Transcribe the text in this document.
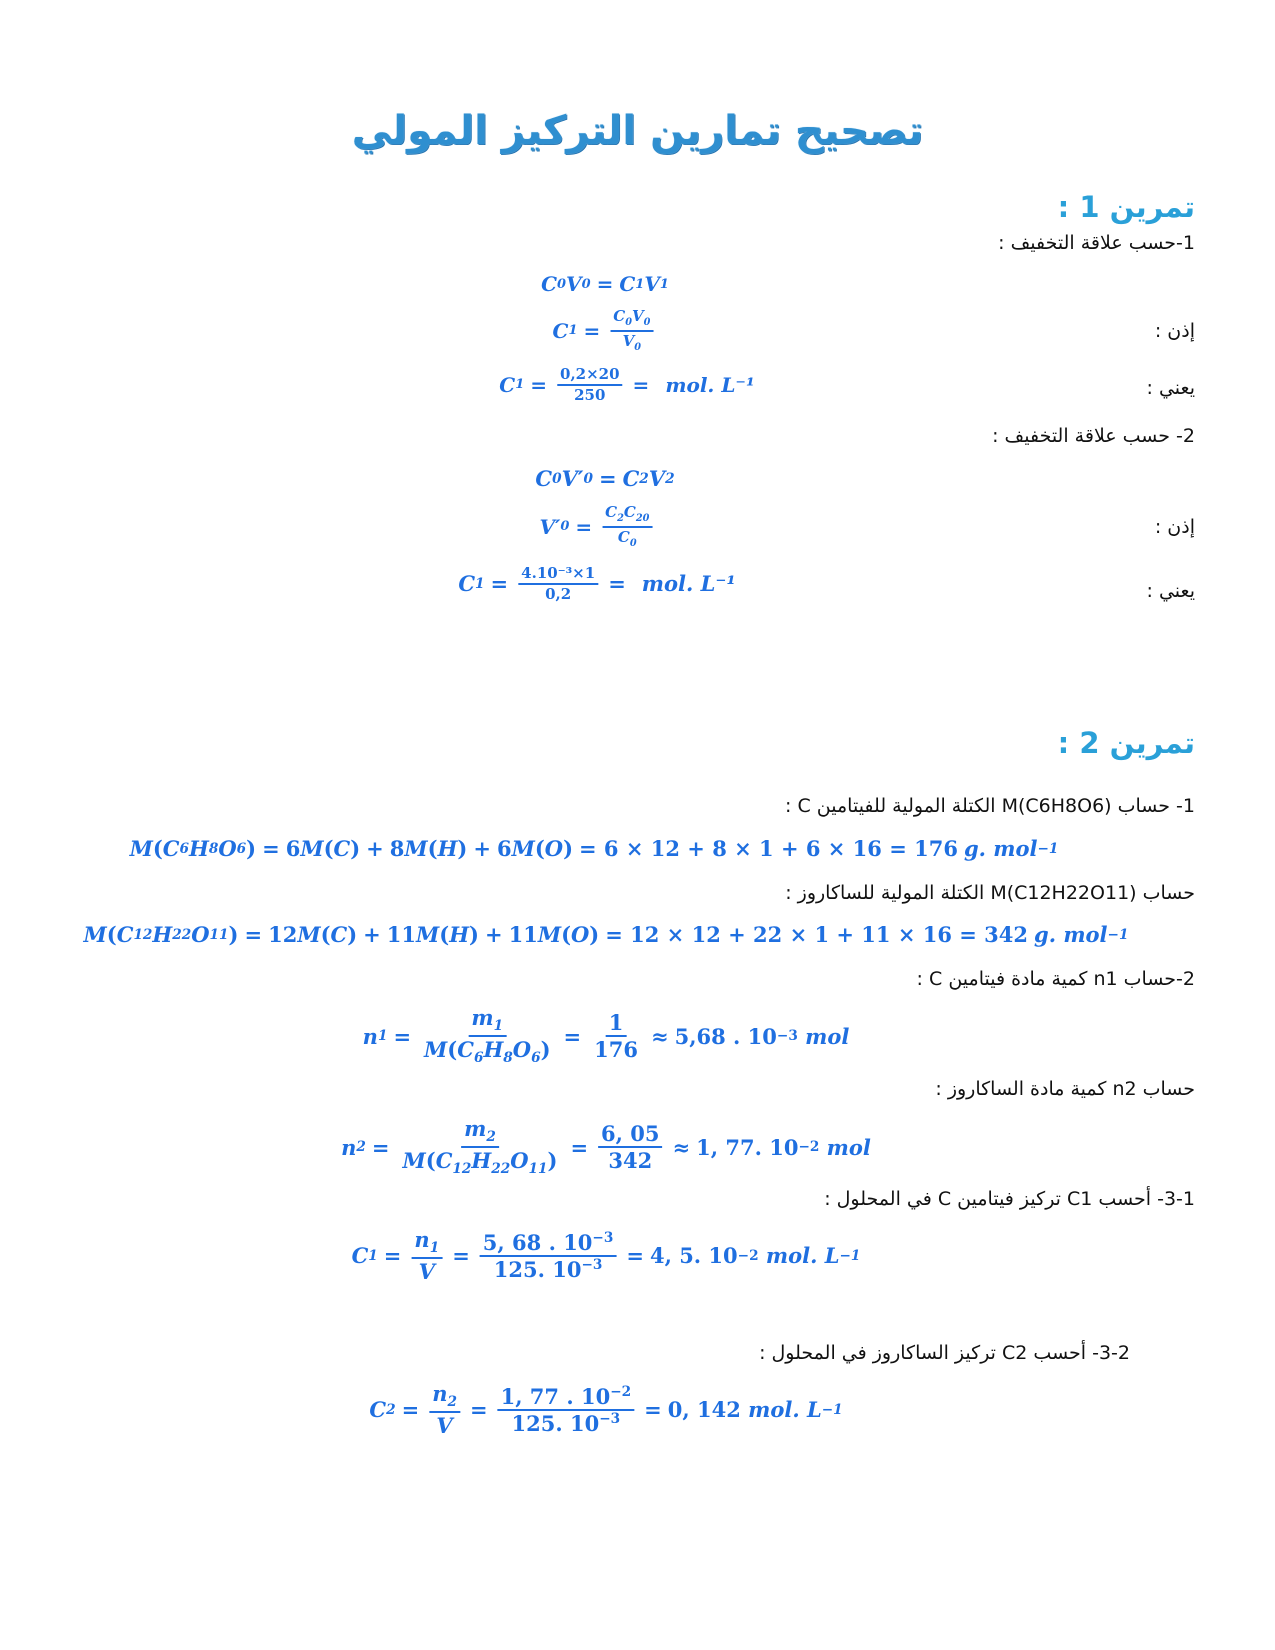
تصحيح تمارين التركيز المولي
تمرين 1 :
1-حسب علاقة التخفيف :
C 0 V 0 = C 1 V 1
إذن :
C $1 = \frac{C_0V_0}{V_0}$
يعني :
C $1 = \frac{0,2\times 20}{250}$ = mol. L⁻¹
2- حسب علاقة التخفيف :
C 0 V′ 0 = C 2 V 2
إذن :
V′ $0 = \frac{C_2C_{20}}{C_0}$
يعني :
C $1 = \frac{\text{4.10⁻³×1}}{0,2}$ = mol. L⁻¹
تمرين 2 :
1- حساب M(C6H8O6) الكتلة المولية للفيتامين C :
M ( C 6 H 8 O 6 ) = 6 M ( C ) + 8 M ( H ) + 6 M ( O ) = 6 × 12 + 8 × 1 + 6 × 16 = 176 g. mol −1
حساب M(C12H22O11) الكتلة المولية للساكاروز :
M ( C 12 H 22 O 11 ) = 12 M ( C ) + 11 M ( H ) + 11 M ( O ) = 12 × 12 + 22 × 1 + 11 × 16 = 342 g. mol −1
2-حساب n1 كمية مادة فيتامين C :
n $1 = \frac{m_1}{M(C_6H_8O_6)} = \frac{1}{176} \approx 5,68$ . 10 −3 mol
حساب n2 كمية مادة الساكاروز :
n $2 = \frac{m_2}{M(C_{12}H_{22}O_{11})} = \frac{6, 05}{342} \approx 1$, 77. 10 −2 mol
3-1- أحسب C1 تركيز فيتامين C في المحلول :
C $1 = \frac{n_1}{V} = \frac{5, 68 . 10^{-3}}{125. 10^{-3}} = 4$, 5. 10 −2 mol. L −1
3-2- أحسب C2 تركيز الساكاروز في المحلول :
C $2 = \frac{n_2}{V} = \frac{1, 77 . 10^{-2}}{125. 10^{-3}} = 0$, 142 mol. L −1
